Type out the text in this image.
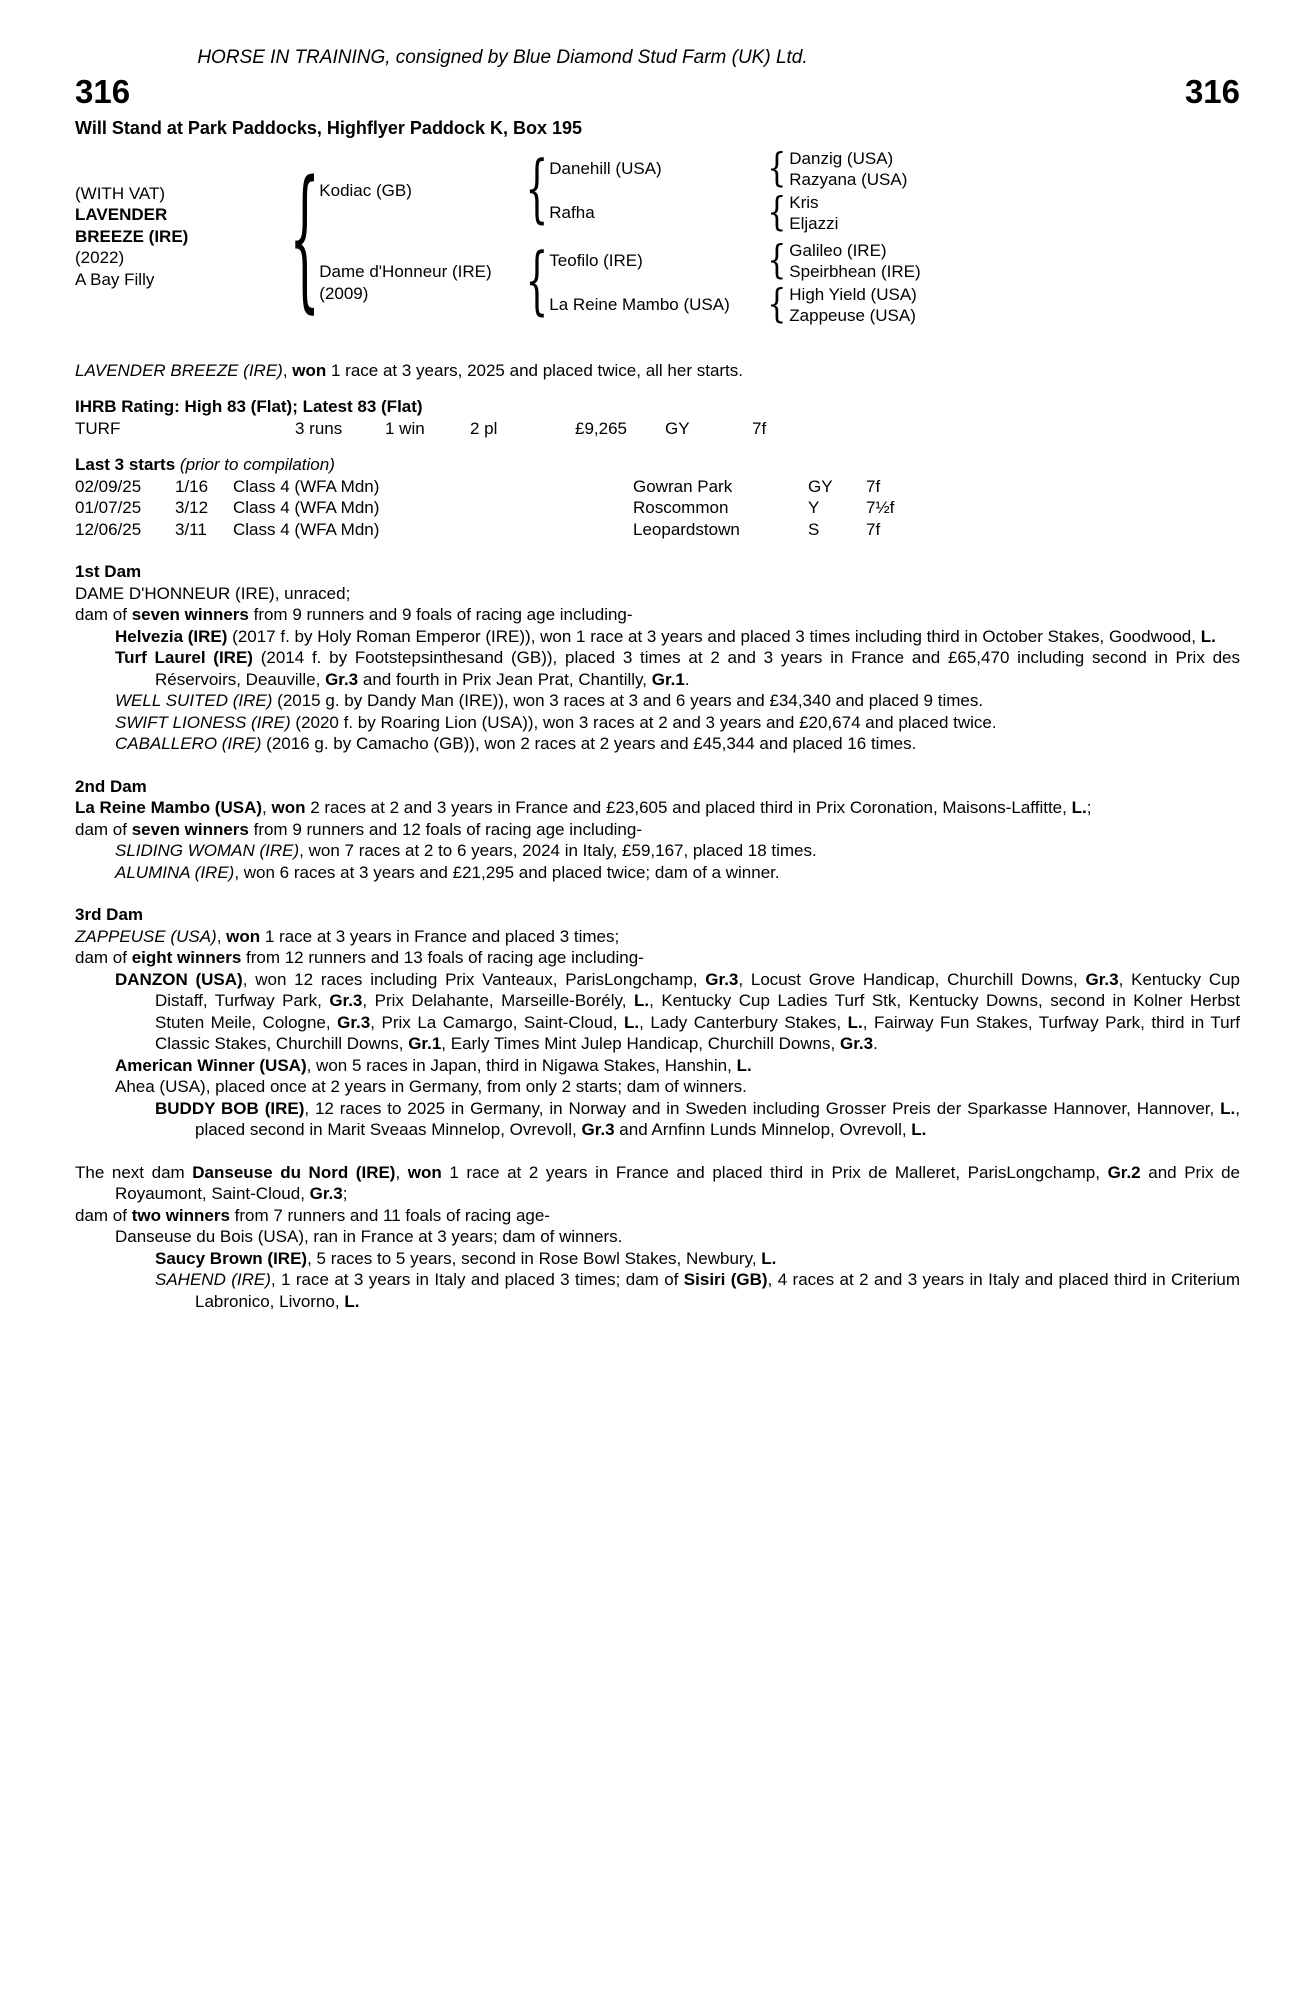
HORSE IN TRAINING, consigned by Blue Diamond Stud Farm (UK) Ltd.
316	316
Will Stand at Park Paddocks, Highflyer Paddock K, Box 195
(WITH VAT)
LAVENDER BREEZE (IRE)
(2022)
A Bay Filly
{
Kodiac (GB)
{
Danehill (USA)
{
Danzig (USA)
Razyana (USA)
Rafha
{
Kris
Eljazzi
Dame d'Honneur (IRE)
(2009)
{
Teofilo (IRE)
{
Galileo (IRE)
Speirbhean (IRE)
La Reine Mambo (USA)
{
High Yield (USA)
Zappeuse (USA)

LAVENDER BREEZE (IRE), won 1 race at 3 years, 2025 and placed twice, all her starts.

IHRB Rating: High 83 (Flat); Latest 83 (Flat)
TURF	3 runs	1 win	2 pl	£9,265	GY	7f
Last 3 starts (prior to compilation)
02/09/25	1/16	Class 4 (WFA Mdn)	Gowran Park	GY	7f
01/07/25	3/12	Class 4 (WFA Mdn)	Roscommon	Y	7½f
12/06/25	3/11	Class 4 (WFA Mdn)	Leopardstown	S	7f
1st Dam

DAME D'HONNEUR (IRE), unraced;

dam of seven winners from 9 runners and 9 foals of racing age including-

Helvezia (IRE) (2017 f. by Holy Roman Emperor (IRE)), won 1 race at 3 years and placed 3 times including third in October Stakes, Goodwood, L.

Turf Laurel (IRE) (2014 f. by Footstepsinthesand (GB)), placed 3 times at 2 and 3 years in France and £65,470 including second in Prix des Réservoirs, Deauville, Gr.3 and fourth in Prix Jean Prat, Chantilly, Gr.1.

WELL SUITED (IRE) (2015 g. by Dandy Man (IRE)), won 3 races at 3 and 6 years and £34,340 and placed 9 times.

SWIFT LIONESS (IRE) (2020 f. by Roaring Lion (USA)), won 3 races at 2 and 3 years and £20,674 and placed twice.

CABALLERO (IRE) (2016 g. by Camacho (GB)), won 2 races at 2 years and £45,344 and placed 16 times.

2nd Dam

La Reine Mambo (USA), won 2 races at 2 and 3 years in France and £23,605 and placed third in Prix Coronation, Maisons-Laffitte, L.;

dam of seven winners from 9 runners and 12 foals of racing age including-

SLIDING WOMAN (IRE), won 7 races at 2 to 6 years, 2024 in Italy, £59,167, placed 18 times.

ALUMINA (IRE), won 6 races at 3 years and £21,295 and placed twice; dam of a winner.

3rd Dam

ZAPPEUSE (USA), won 1 race at 3 years in France and placed 3 times;

dam of eight winners from 12 runners and 13 foals of racing age including-

DANZON (USA), won 12 races including Prix Vanteaux, ParisLongchamp, Gr.3, Locust Grove Handicap, Churchill Downs, Gr.3, Kentucky Cup Distaff, Turfway Park, Gr.3, Prix Delahante, Marseille-Borély, L., Kentucky Cup Ladies Turf Stk, Kentucky Downs, second in Kolner Herbst Stuten Meile, Cologne, Gr.3, Prix La Camargo, Saint-Cloud, L., Lady Canterbury Stakes, L., Fairway Fun Stakes, Turfway Park, third in Turf Classic Stakes, Churchill Downs, Gr.1, Early Times Mint Julep Handicap, Churchill Downs, Gr.3.

American Winner (USA), won 5 races in Japan, third in Nigawa Stakes, Hanshin, L.

Ahea (USA), placed once at 2 years in Germany, from only 2 starts; dam of winners.

BUDDY BOB (IRE), 12 races to 2025 in Germany, in Norway and in Sweden including Grosser Preis der Sparkasse Hannover, Hannover, L., placed second in Marit Sveaas Minnelop, Ovrevoll, Gr.3 and Arnfinn Lunds Minnelop, Ovrevoll, L.

The next dam Danseuse du Nord (IRE), won 1 race at 2 years in France and placed third in Prix de Malleret, ParisLongchamp, Gr.2 and Prix de Royaumont, Saint-Cloud, Gr.3;

dam of two winners from 7 runners and 11 foals of racing age-

Danseuse du Bois (USA), ran in France at 3 years; dam of winners.

Saucy Brown (IRE), 5 races to 5 years, second in Rose Bowl Stakes, Newbury, L.

SAHEND (IRE), 1 race at 3 years in Italy and placed 3 times; dam of Sisiri (GB), 4 races at 2 and 3 years in Italy and placed third in Criterium Labronico, Livorno, L.
